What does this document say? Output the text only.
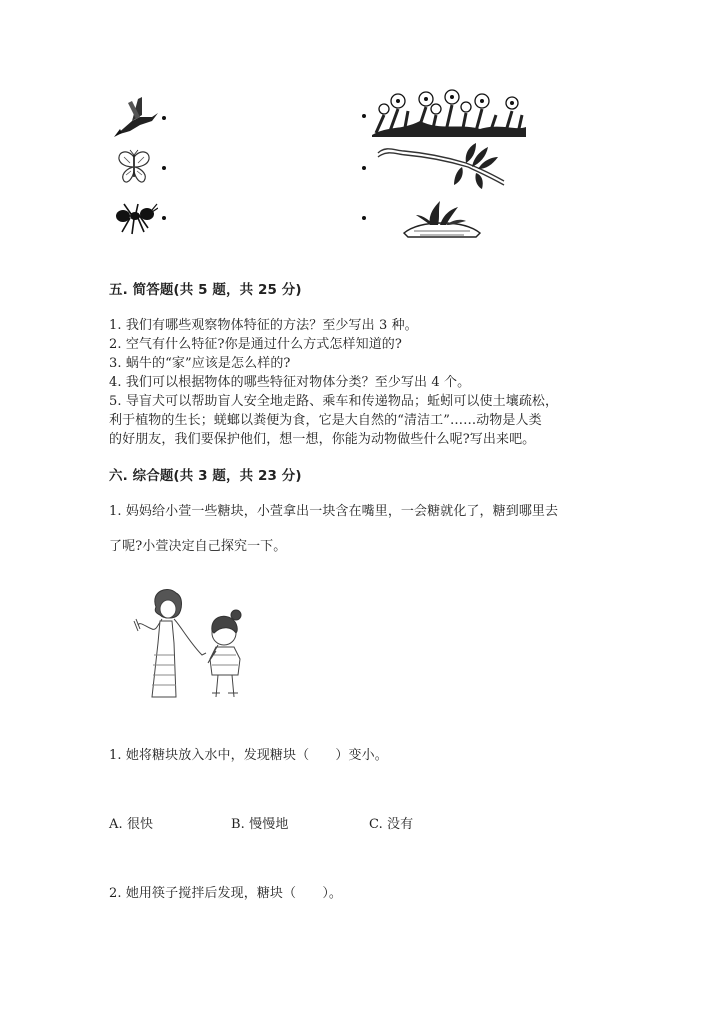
五. 简答题(共 5 题，共 25 分)
1. 我们有哪些观察物体特征的方法？至少写出 3 种。
2. 空气有什么特征?你是通过什么方式怎样知道的?
3. 蜗牛的“家”应该是怎么样的?
4. 我们可以根据物体的哪些特征对物体分类？至少写出 4 个。
5. 导盲犬可以帮助盲人安全地走路、乘车和传递物品；蚯蚓可以使土壤疏松，
利于植物的生长；蜣螂以粪便为食，它是大自然的“清洁工”……动物是人类
的好朋友，我们要保护他们，想一想，你能为动物做些什么呢?写出来吧。
六. 综合题(共 3 题，共 23 分)
1. 妈妈给小萱一些糖块，小萱拿出一块含在嘴里，一会糖就化了，糖到哪里去
了呢?小萱决定自己探究一下。
1. 她将糖块放入水中，发现糖块（　　）变小。
A. 很快	B. 慢慢地	C. 没有
2. 她用筷子搅拌后发现，糖块（　　）。
